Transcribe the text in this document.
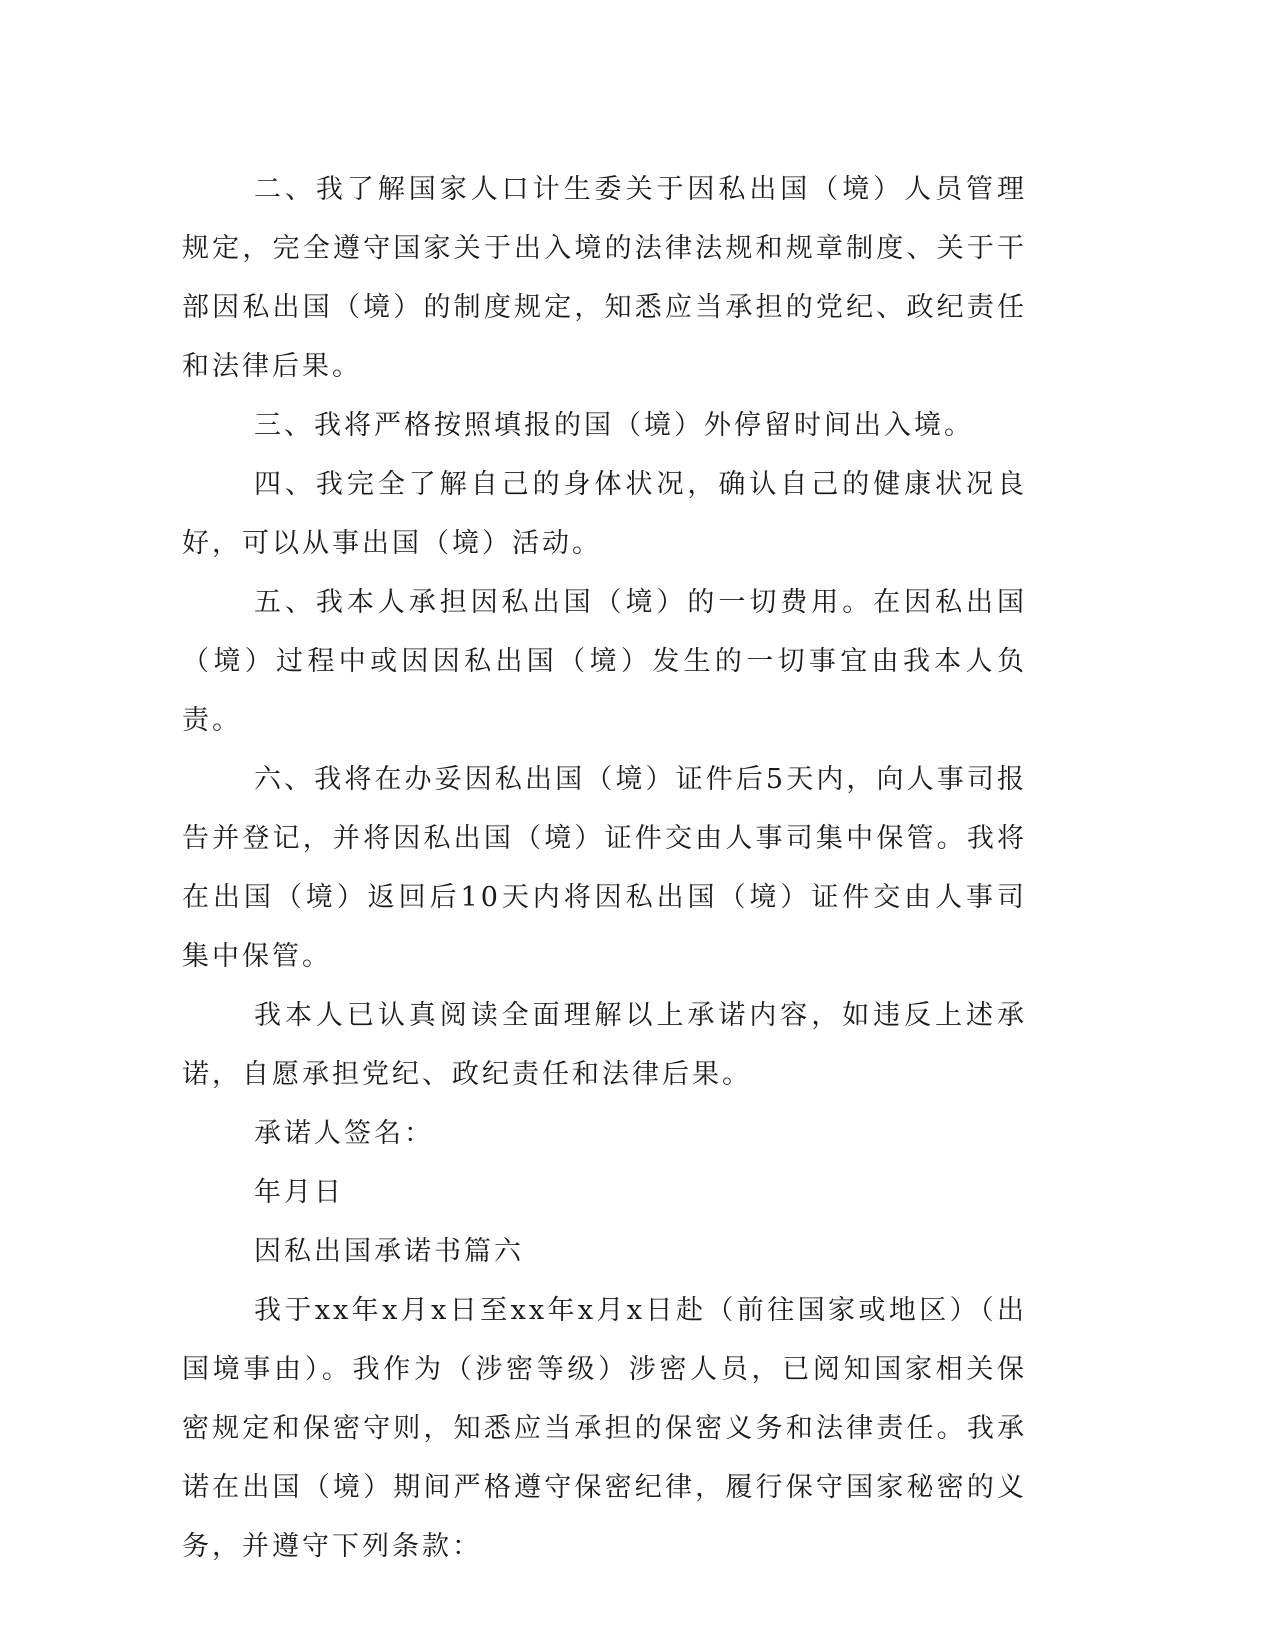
二、我了解国家人口计生委关于因私出国（境）人员管理规定，完全遵守国家关于出入境的法律法规和规章制度、关于干部因私出国（境）的制度规定，知悉应当承担的党纪、政纪责任和法律后果。

三、我将严格按照填报的国（境）外停留时间出入境。

四、我完全了解自己的身体状况，确认自己的健康状况良好，可以从事出国（境）活动。

五、我本人承担因私出国（境）的一切费用。在因私出国（境）过程中或因因私出国（境）发生的一切事宜由我本人负责。

六、我将在办妥因私出国（境）证件后5天内，向人事司报告并登记，并将因私出国（境）证件交由人事司集中保管。我将在出国（境）返回后10天内将因私出国（境）证件交由人事司集中保管。

我本人已认真阅读全面理解以上承诺内容，如违反上述承诺，自愿承担党纪、政纪责任和法律后果。

承诺人签名：

年月日

因私出国承诺书篇六

我于xx年x月x日至xx年x月x日赴（前往国家或地区）（出国境事由）。我作为（涉密等级）涉密人员，已阅知国家相关保密规定和保密守则，知悉应当承担的保密义务和法律责任。我承诺在出国（境）期间严格遵守保密纪律，履行保守国家秘密的义务，并遵守下列条款：
